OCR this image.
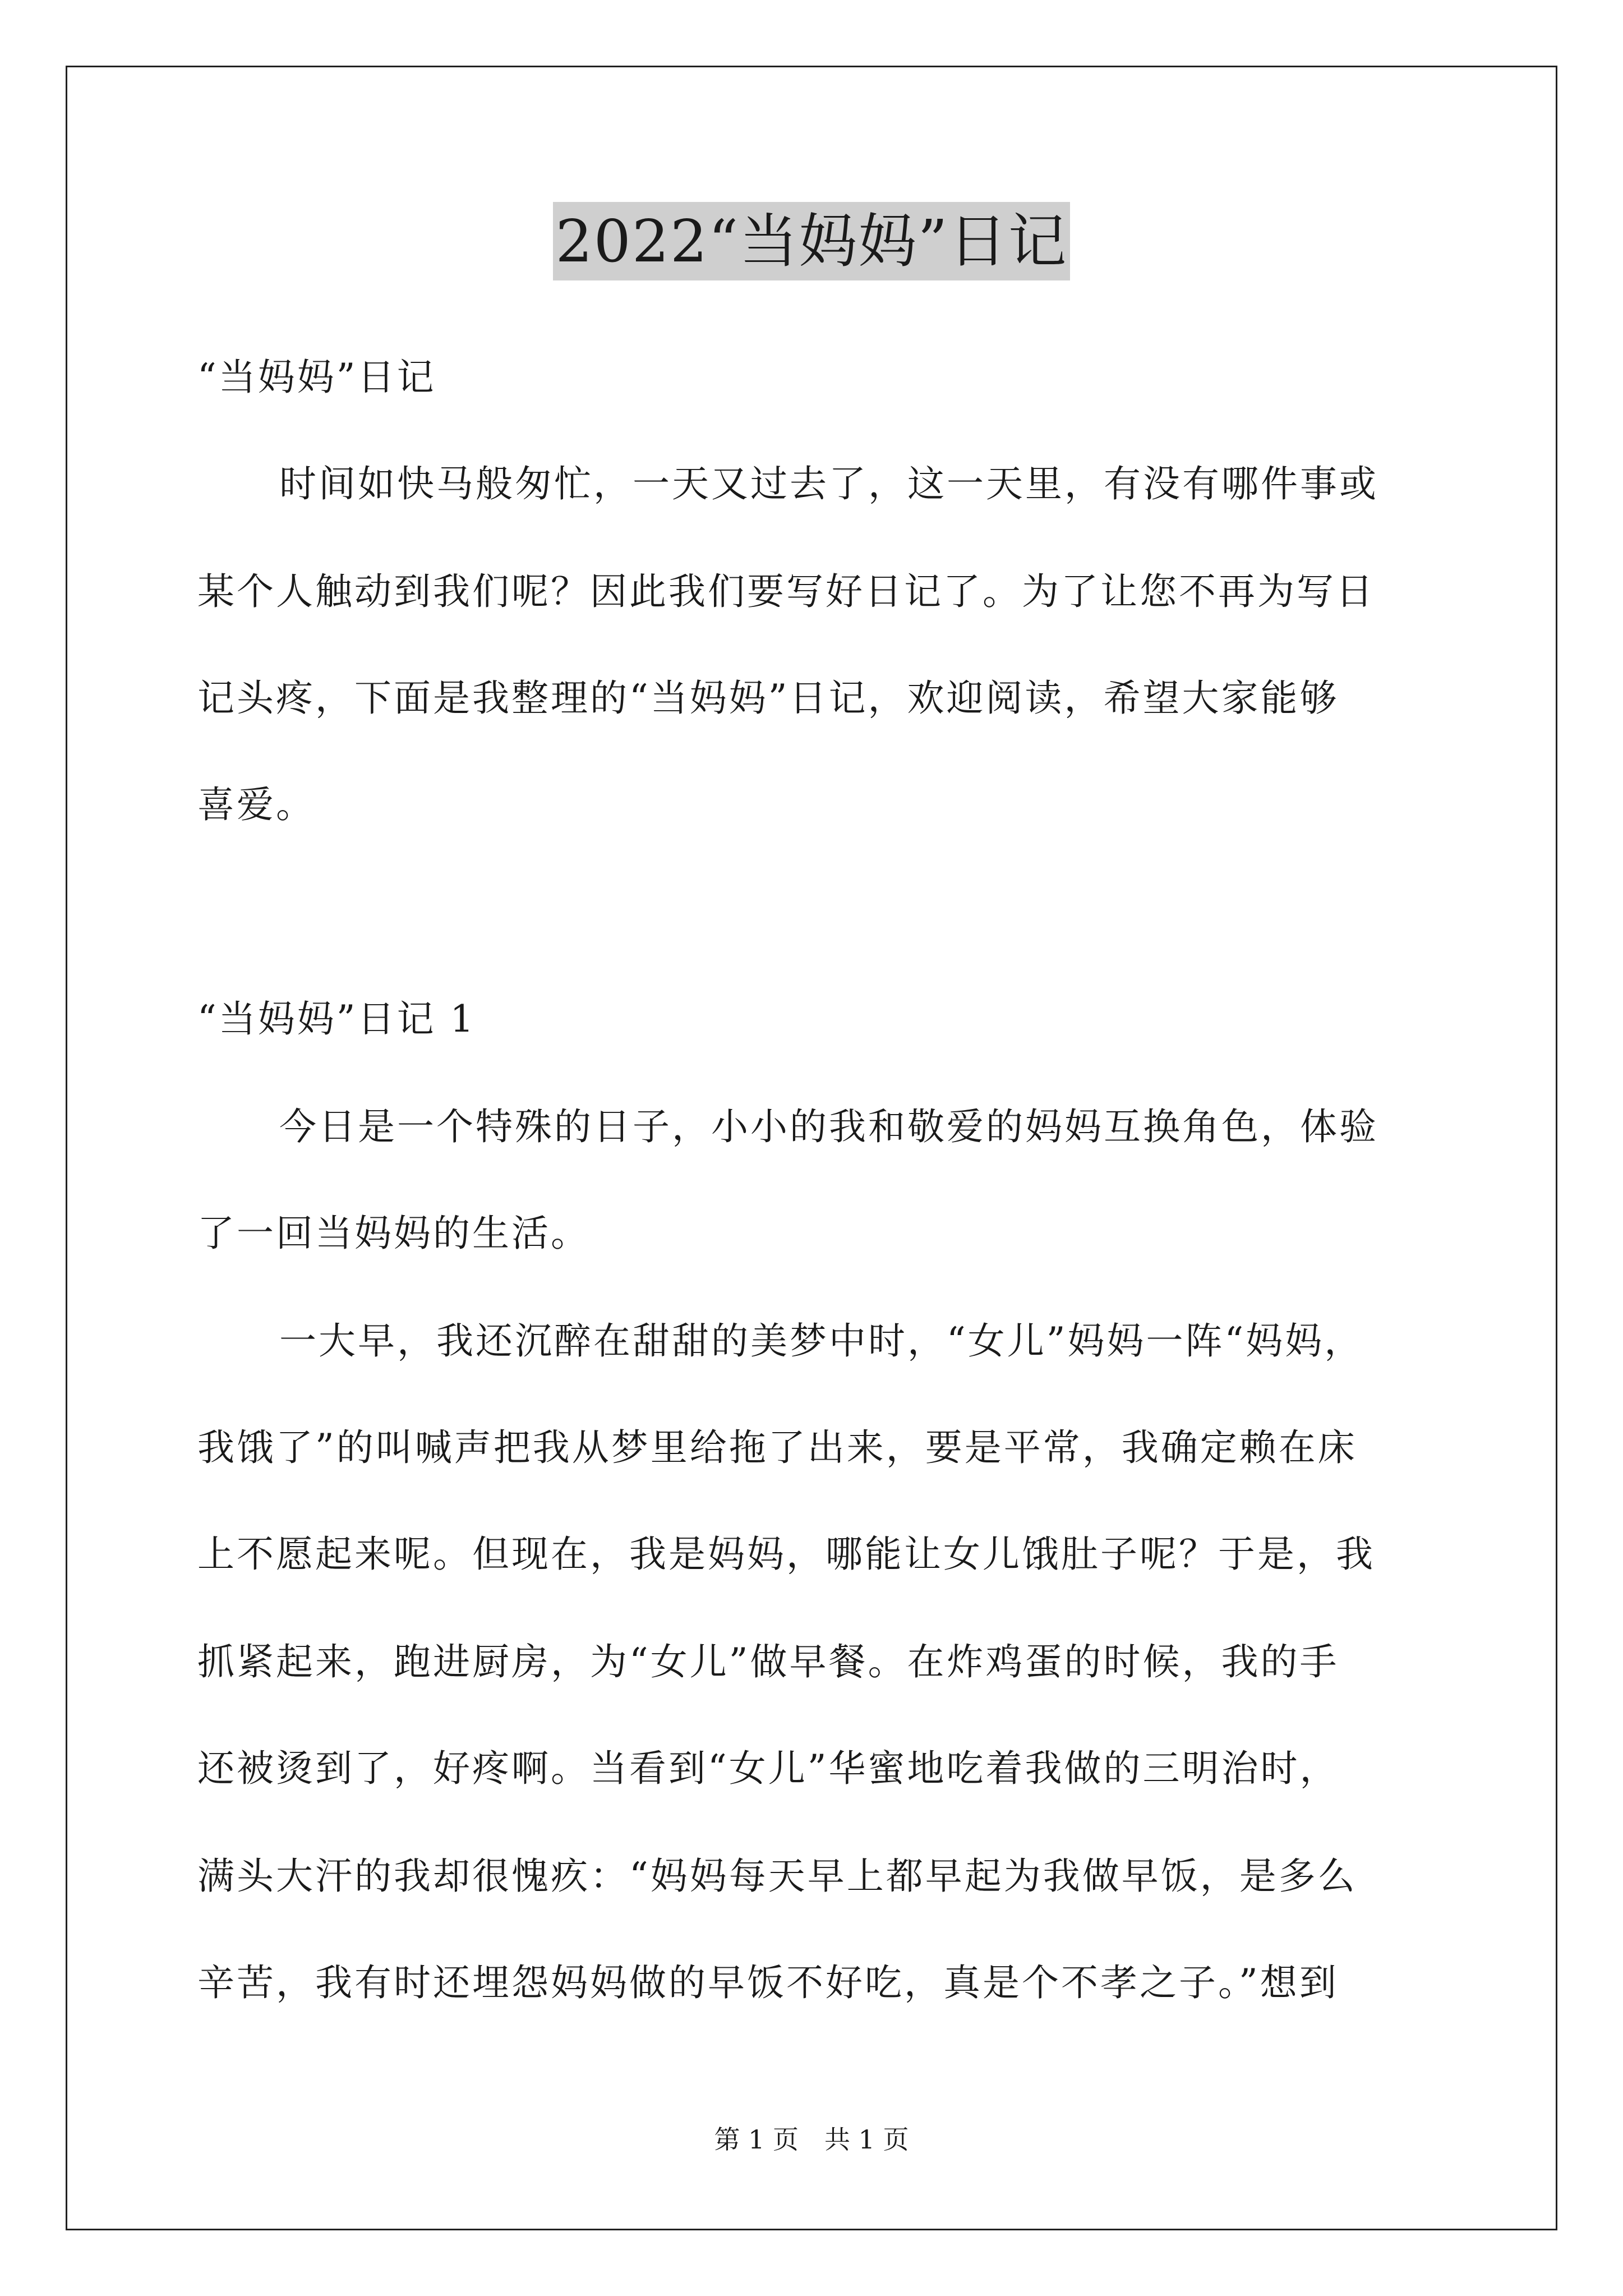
2022“当妈妈”日记
“当妈妈”日记
时间如快马般匆忙，一天又过去了，这一天里，有没有哪件事或
某个人触动到我们呢？因此我们要写好日记了。为了让您不再为写日
记头疼，下面是我整理的“当妈妈”日记，欢迎阅读，希望大家能够
喜爱。
“当妈妈”日记 1
今日是一个特殊的日子，小小的我和敬爱的妈妈互换角色，体验
了一回当妈妈的生活。
一大早，我还沉醉在甜甜的美梦中时，“女儿”妈妈一阵“妈妈，
我饿了”的叫喊声把我从梦里给拖了出来，要是平常，我确定赖在床
上不愿起来呢。但现在，我是妈妈，哪能让女儿饿肚子呢？于是，我
抓紧起来，跑进厨房，为“女儿”做早餐。在炸鸡蛋的时候，我的手
还被烫到了，好疼啊。当看到“女儿”华蜜地吃着我做的三明治时，
满头大汗的我却很愧疚：“妈妈每天早上都早起为我做早饭，是多么
辛苦，我有时还埋怨妈妈做的早饭不好吃，真是个不孝之子。”想到
第 1 页 共 1 页
